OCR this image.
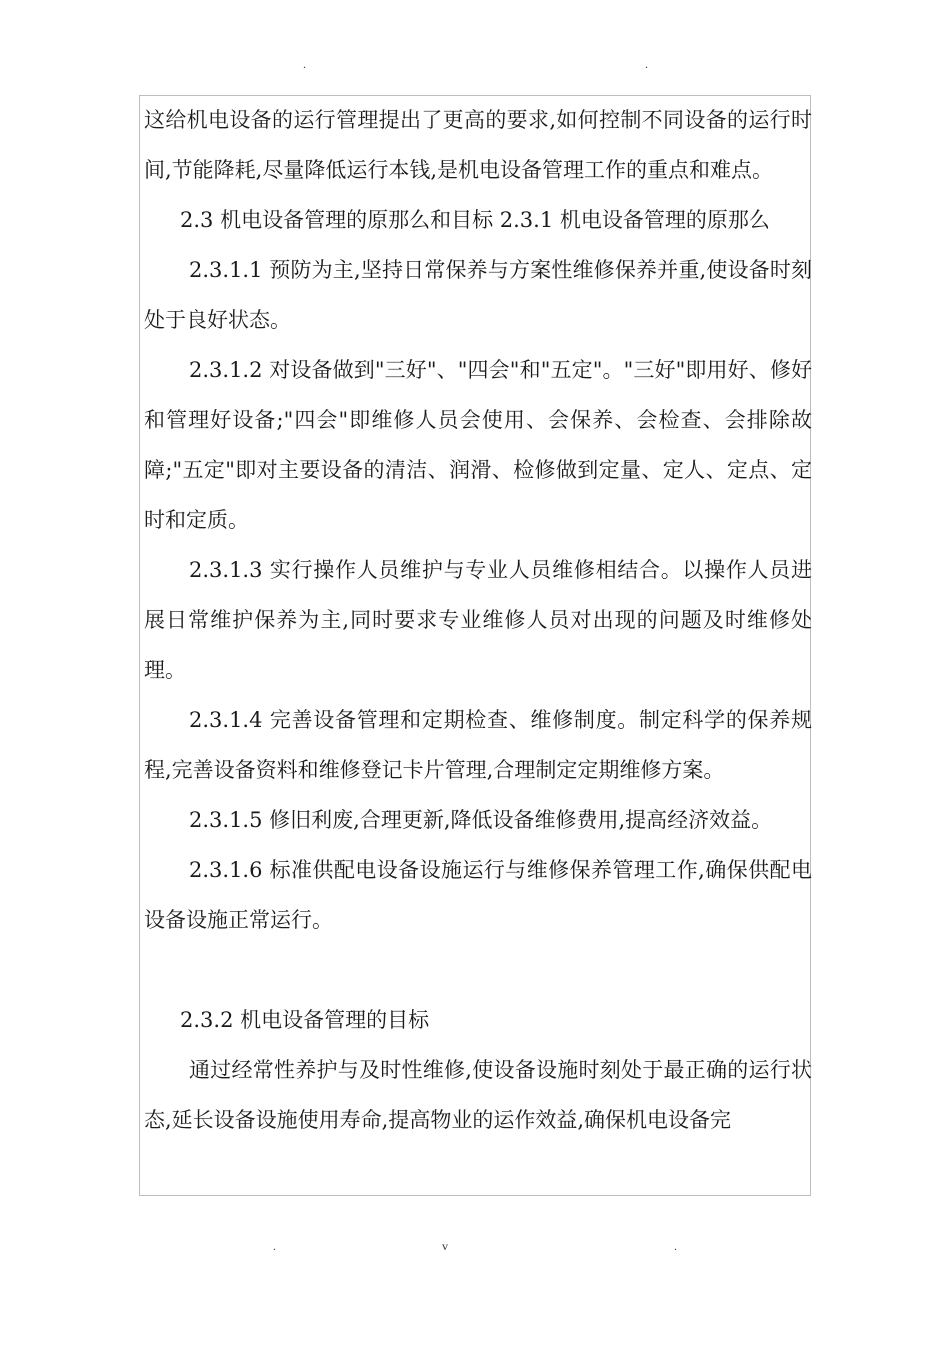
.	.

这给机电设备的运行管理提出了更高的要求,如何控制不同设备的运行时间,节能降耗,尽量降低运行本钱,是机电设备管理工作的重点和难点。

2.3 机电设备管理的原那么和目标 2.3.1 机电设备管理的原那么

2.3.1.1 预防为主,坚持日常保养与方案性维修保养并重,使设备时刻处于良好状态。

2.3.1.2 对设备做到"三好"、"四会"和"五定"。"三好"即用好、修好和管理好设备;"四会"即维修人员会使用、会保养、会检查、会排除故障;"五定"即对主要设备的清洁、润滑、检修做到定量、定人、定点、定时和定质。

2.3.1.3 实行操作人员维护与专业人员维修相结合。以操作人员进展日常维护保养为主,同时要求专业维修人员对出现的问题及时维修处理。

2.3.1.4 完善设备管理和定期检查、维修制度。制定科学的保养规程,完善设备资料和维修登记卡片管理,合理制定定期维修方案。

2.3.1.5 修旧利废,合理更新,降低设备维修费用,提高经济效益。

2.3.1.6 标准供配电设备设施运行与维修保养管理工作,确保供配电设备设施正常运行。

2.3.2 机电设备管理的目标

通过经常性养护与及时性维修,使设备设施时刻处于最正确的运行状态,延长设备设施使用寿命,提高物业的运作效益,确保机电设备完

.	v	.
